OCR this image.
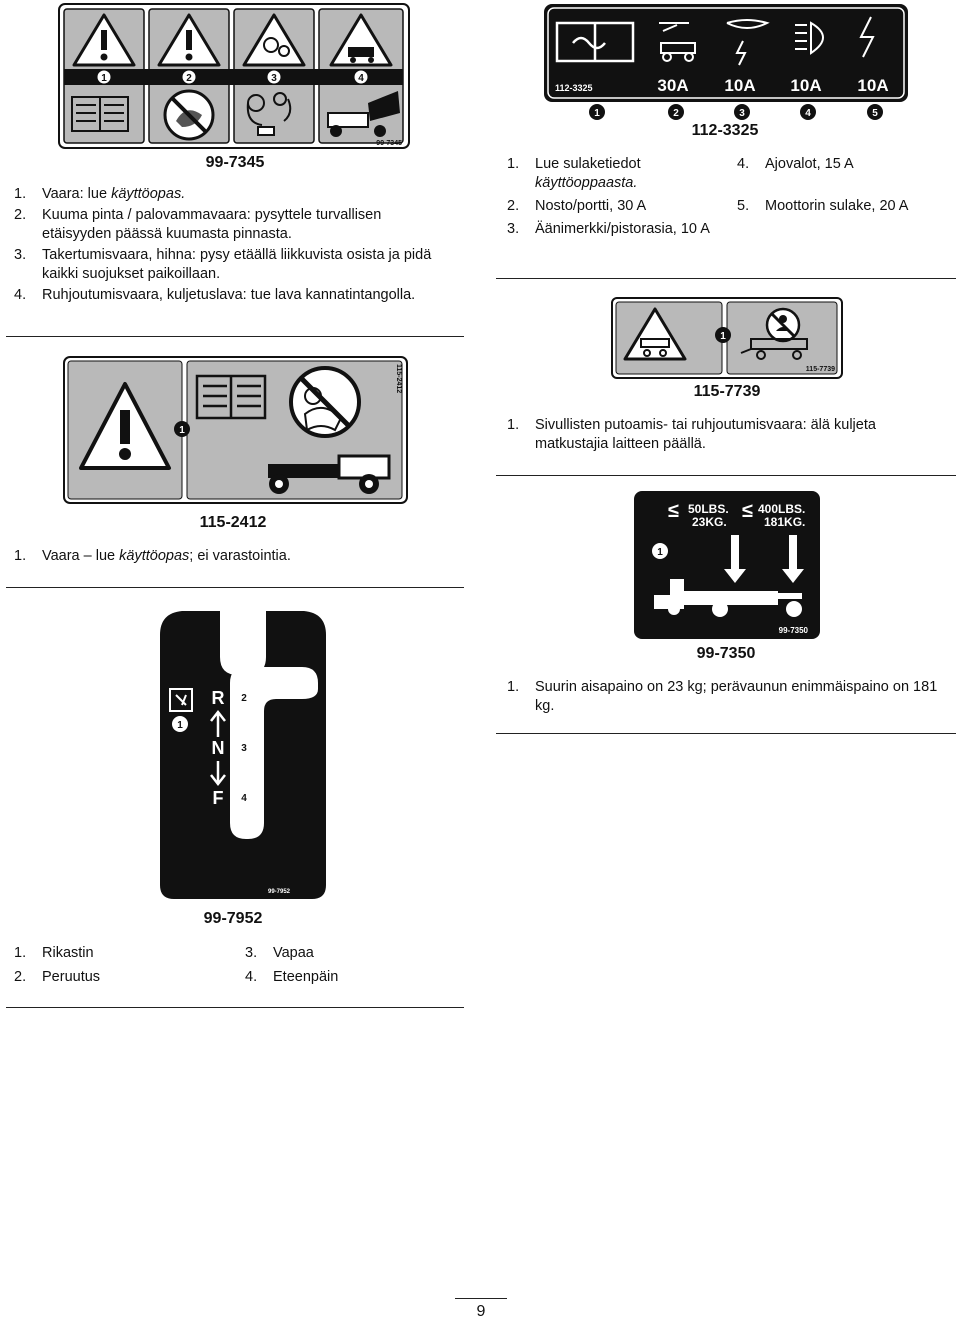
99-7345
1	2	3	4
99-7345
1.	Vaara: lue käyttöopas.
2.	Kuuma pinta / palovammavaara: pysyttele turvallisen etäisyyden päässä kuumasta pinnasta.
3.	Takertumisvaara, hihna: pysy etäällä liikkuvista osista ja pidä kaikki suojukset paikoillaan.
4.	Ruhjoutumisvaara, kuljetuslava: tue lava kannatintangolla.
112-3325	30A 10A 10A 10A
1	2	3	4	5
112-3325
1.	Lue sulaketiedot
käyttöoppaasta.
2.	Nosto/portti, 30 A
3.	Äänimerkki/pistorasia, 10 A
4.	Ajovalot, 15 A
5.	Moottorin sulake, 20 A
1
115-7739
115-7739
1.	Sivullisten putoamis- tai ruhjoutumisvaara: älä kuljeta matkustajia laitteen päällä.
1
115-2412
115-2412
1.	Vaara – lue käyttöopas; ei varastointia.
≤ 50LBS.
23KG. ≤ 400LBS.
181KG.
1
99-7350
99-7350
1.	Suurin aisapaino on 23 kg; perävaunun enimmäispaino on 181 kg.
R
N
F
1
2
3
4
99-7952
99-7952
1.	Rikastin
2.	Peruutus
3.	Vapaa
4.	Eteenpäin
9
